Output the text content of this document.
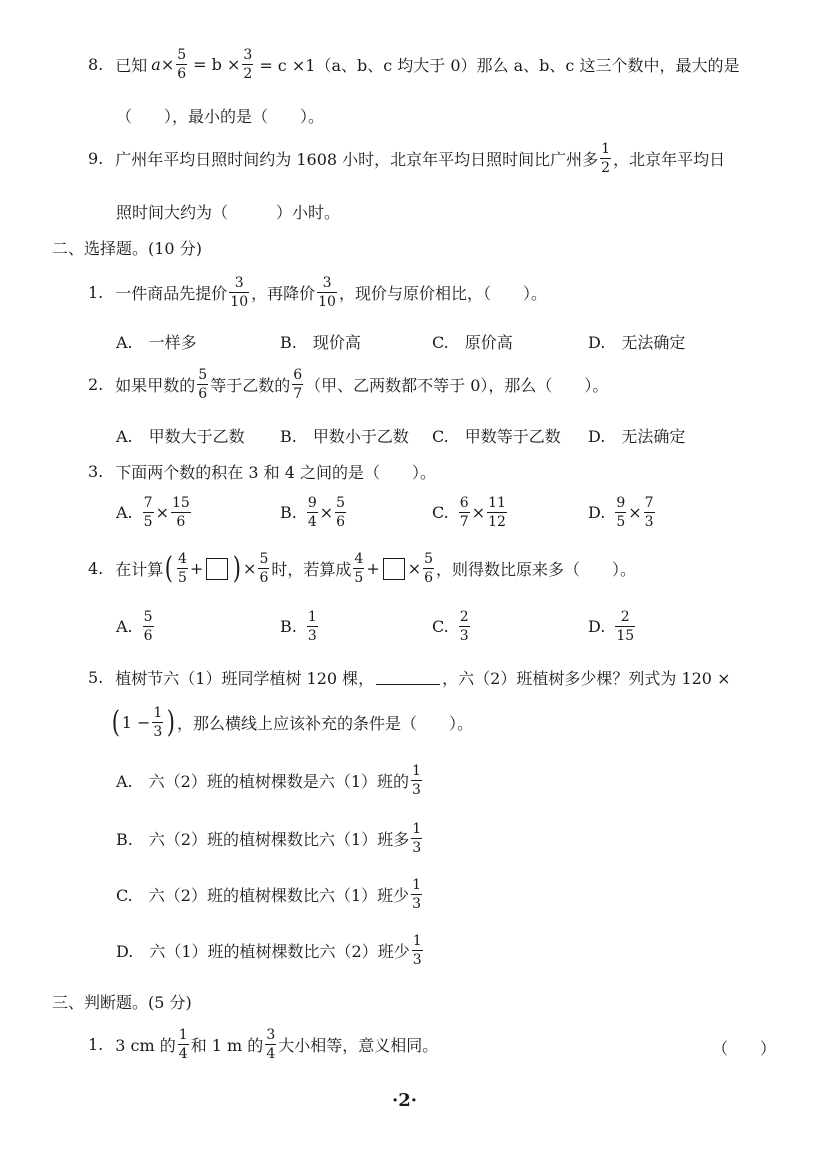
8. 已知 $a \times \frac{5}{6} = b \times \frac{3}{2} = c \times 1(a$、b、c 均大于 0）那么 a、b、c 这三个数中，最大的是
（　　），最小的是（　　）。
9. 广州年平均日照时间约为 1608 小时，北京年平均日照时间比广州多 $\frac{1}{2}$ ，北京年平均日
照时间大约为（　　　）小时。
二、选择题。(10 分)
1. 一件商品先提价 $\frac{3}{10}$ ，再降价 $\frac{3}{10}$ ，现价与原价相比，（　　）。
A.　一样多	B.　现价高	C.　原价高	D.　无法确定
2. 如果甲数的 $\frac{5}{6}$ 等于乙数的 $\frac{6}{7}$ （甲、乙两数都不等于 0），那么（　　）。
A.　甲数大于乙数 B.　甲数小于乙数 C.　甲数等于乙数 D.　无法确定
3. 下面两个数的积在 3 和 4 之间的是（　　）。
A. $\frac{7}{5} \times \frac{15}{6}$	B. $\frac{9}{4} \times \frac{5}{6}$	C. $\frac{6}{7} \times \frac{11}{12}$	D. $\frac{9}{5} \times \frac{7}{3}$
4. 在计算 ( $\frac{4}{5}$ + ) × $\frac{5}{6}$ 时，若算成 $\frac{4}{5}$ + × $\frac{5}{6}$ ，则得数比原来多（　　）。
A. $\frac{5}{6}$	B. $\frac{1}{3}$	C. $\frac{2}{3}$	D. $\frac{2}{15}$
5. 植树节六（1）班同学植树 120 棵，	，六（2）班植树多少棵？列式为 120 ×
( $1 - \frac{1}{3}$ ) ，那么横线上应该补充的条件是（　　）。
A.　六（2）班的植树棵数是六（1）班的 $\frac{1}{3}$
B.　六（2）班的植树棵数比六（1）班多 $\frac{1}{3}$
C.　六（2）班的植树棵数比六（1）班少 $\frac{1}{3}$
D.　六（1）班的植树棵数比六（2）班少 $\frac{1}{3}$
三、判断题。(5 分)
1. 3 cm 的 $\frac{1}{4}$ 和 1 m 的 $\frac{3}{4}$ 大小相等，意义相同。	（　　）
·2·
